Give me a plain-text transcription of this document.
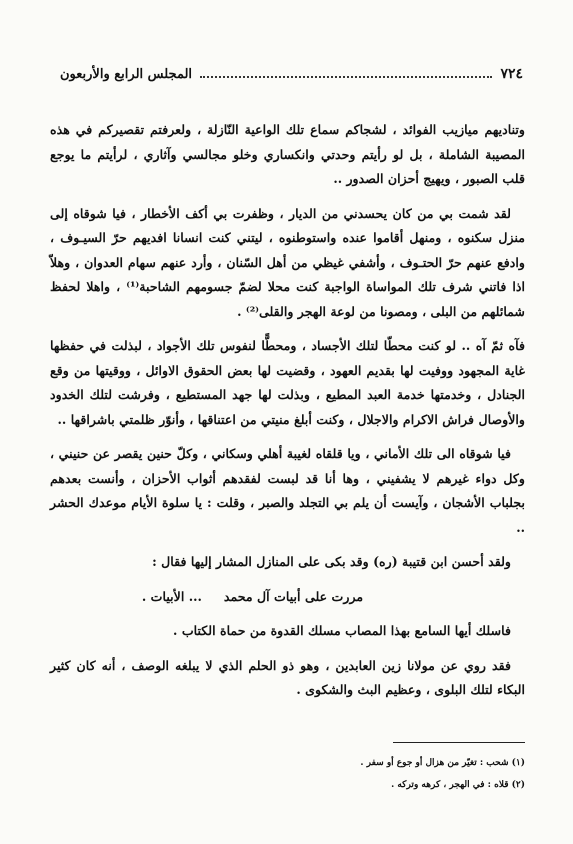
٧٢٤
المجلس الرابع والأربعون

وتناديهم ميازيب الفوائد ، لشجاكم سماع تلك الواعية النّازلة ، ولعرفتم تقصيركم في هذه المصيبة الشاملة ، بل لو رأيتم وحدتي وانكساري وخلو مجالسي وآثاري ، لرأيتم ما يوجع قلب الصبور ، ويهيج أحزان الصدور ..

لقد شمت بي من كان يحسدني من الديار ، وظفرت بي أكف الأخطار ، فيا شوقاه إلى منزل سكنوه ، ومنهل أقاموا عنده واستوطنوه ، ليتني كنت انسانا افديهم حرّ السيـوف ، وادفع عنهم حرّ الحتـوف ، وأشفي غيظي من أهل السّنان ، وأرد عنهم سهام العدوان ، وهلاّ اذا فاتني شرف تلك المواساة الواجبة كنت محلا لضمّ جسومهم الشاحبة⁽¹⁾ ، واهلا لحفظ شمائلهم من البلى ، ومصونا من لوعة الهجر والقلى⁽²⁾ .

فآه ثمّ آه .. لو كنت محطّا لتلك الأجساد ، ومحطًّا لنفوس تلك الأجواد ، لبذلت في حفظها غاية المجهود ووفيت لها بقديم العهود ، وقضيت لها بعض الحقوق الاوائل ، ووقيتها من وقع الجنادل ، وخدمتها خدمة العبد المطيع ، وبذلت لها جهد المستطيع ، وفرشت لتلك الخدود والأوصال فراش الاكرام والاجلال ، وكنت أبلغ منيتي من اعتناقها ، وأنوّر ظلمتي باشراقها ..

فيا شوقاه الى تلك الأماني ، ويا قلقاه لغيبة أهلي وسكاني ، وكلّ حنين يقصر عن حنيني ، وكل دواء غيرهم لا يشفيني ، وها أنا قد لبست لفقدهم أثواب الأحزان ، وأنست بعدهم بجلباب الأشجان ، وآيست أن يلم بي التجلد والصبر ، وقلت : يا سلوة الأيام موعدك الحشر ..

ولقد أحسن ابن قتيبة (ره) وقد بكى على المنازل المشار إليها فقال :

مررت على أبيات آل محمد
... الأبيات .

فاسلك أيها السامع بهذا المصاب مسلك القدوة من حماة الكتاب .

فقد روي عن مولانا زين العابدين ، وهو ذو الحلم الذي لا يبلغه الوصف ، أنه كان كثير البكاء لتلك البلوى ، وعظيم البث والشكوى .

(١) شحب : تغيّر من هزال أو جوع أو سفر .
(٢) قلاه : في الهجر ، كرهه وتركه .
